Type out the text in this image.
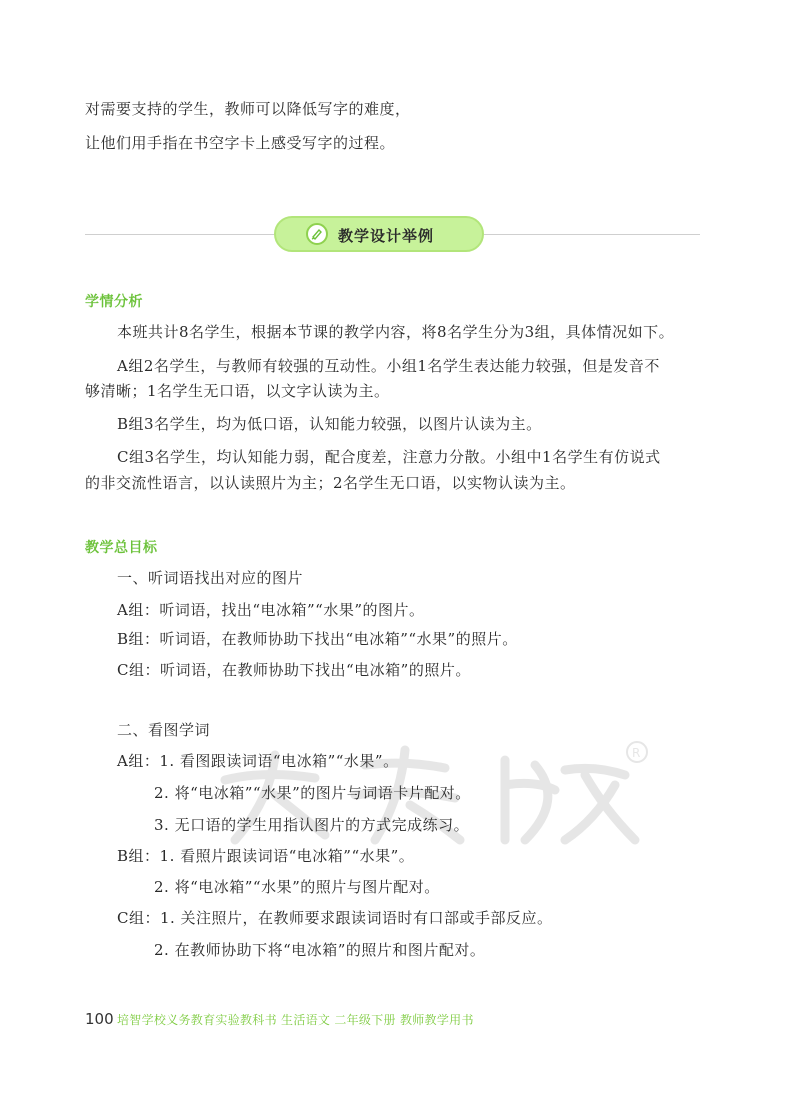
对需要支持的学生，教师可以降低写字的难度，
让他们用手指在书空字卡上感受写字的过程。
教学设计举例
学情分析
本班共计8名学生，根据本节课的教学内容，将8名学生分为3组，具体情况如下。
A组2名学生，与教师有较强的互动性。小组1名学生表达能力较强，但是发音不
够清晰；1名学生无口语，以文字认读为主。
B组3名学生，均为低口语，认知能力较强，以图片认读为主。
C组3名学生，均认知能力弱，配合度差，注意力分散。小组中1名学生有仿说式
的非交流性语言，以认读照片为主；2名学生无口语，以实物认读为主。
教学总目标
一、听词语找出对应的图片
A组：听词语，找出“电冰箱”“水果”的图片。
B组：听词语，在教师协助下找出“电冰箱”“水果”的照片。
C组：听词语，在教师协助下找出“电冰箱”的照片。
二、看图学词
A组：1. 看图跟读词语“电冰箱”“水果”。
2. 将“电冰箱”“水果”的图片与词语卡片配对。
3. 无口语的学生用指认图片的方式完成练习。
B组：1. 看照片跟读词语“电冰箱”“水果”。
2. 将“电冰箱”“水果”的照片与图片配对。
C组：1. 关注照片，在教师要求跟读词语时有口部或手部反应。
2. 在教师协助下将“电冰箱”的照片和图片配对。
R
100 培智学校义务教育实验教科书 生活语文 二年级下册 教师教学用书
